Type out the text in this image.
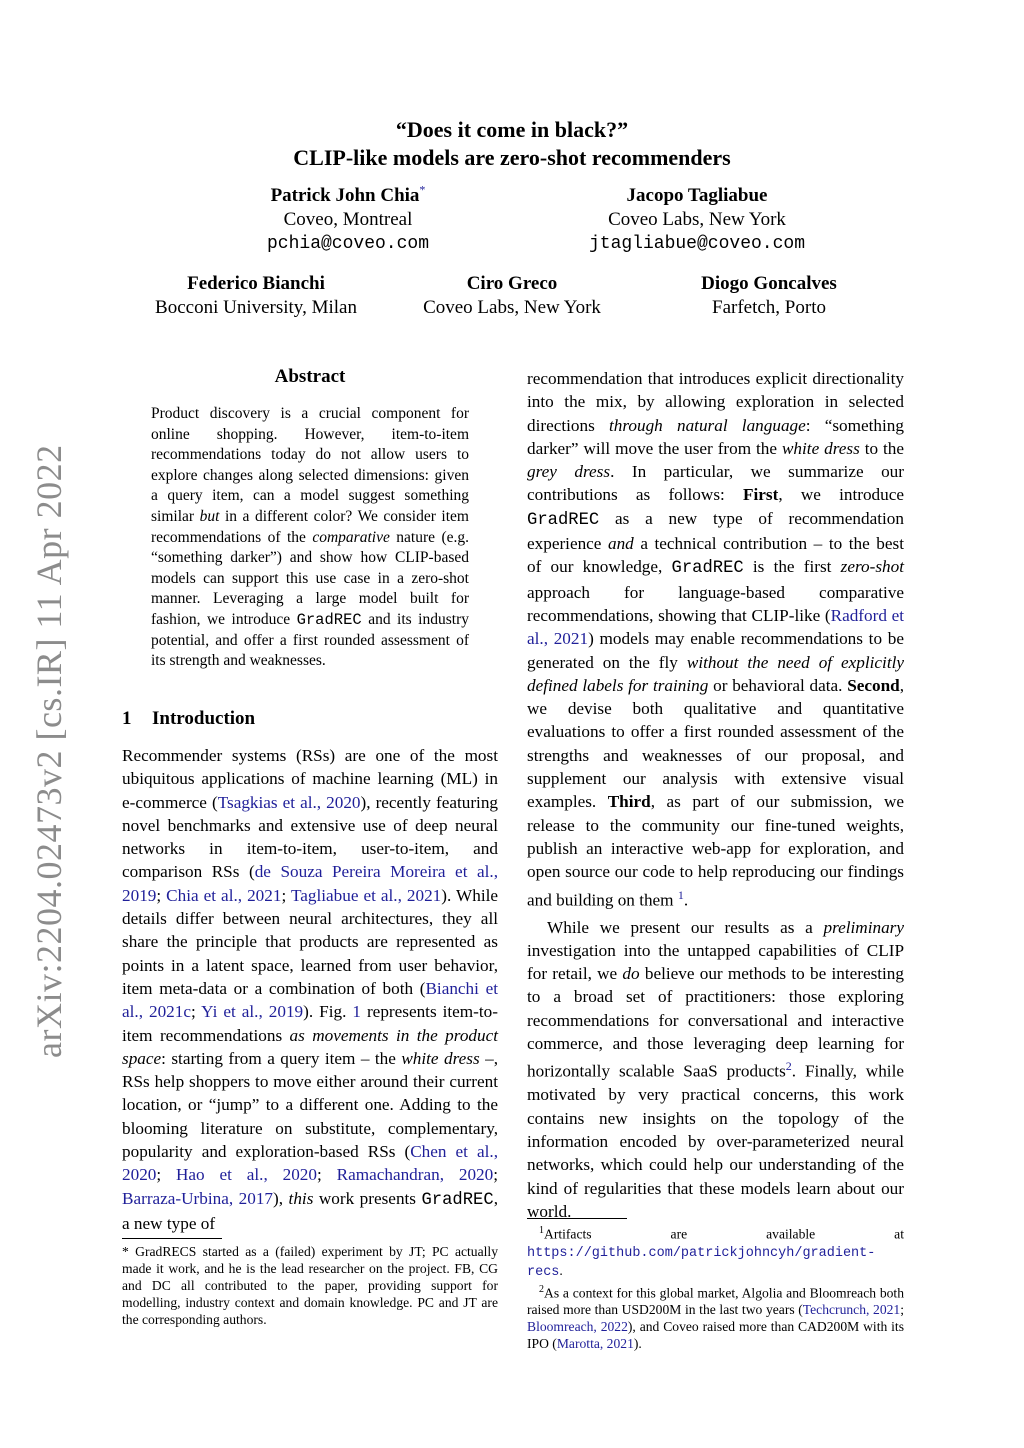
arXiv:2204.02473v2 [cs.IR] 11 Apr 2022
“Does it come in black?”
CLIP-like models are zero-shot recommenders
Patrick John Chia*
Coveo, Montreal
pchia@coveo.com
Jacopo Tagliabue
Coveo Labs, New York
jtagliabue@coveo.com
Federico Bianchi
Bocconi University, Milan
Ciro Greco
Coveo Labs, New York
Diogo Goncalves
Farfetch, Porto
Abstract
Product discovery is a crucial component for online shopping. However, item-to-item recommendations today do not allow users to explore changes along selected dimensions: given a query item, can a model suggest something similar but in a different color? We consider item recommendations of the comparative nature (e.g. “something darker”) and show how CLIP-based models can support this use case in a zero-shot manner. Leveraging a large model built for fashion, we introduce GradREC and its industry potential, and offer a first rounded assessment of its strength and weaknesses.
1 Introduction
Recommender systems (RSs) are one of the most ubiquitous applications of machine learning (ML) in e-commerce (Tsagkias et al., 2020), recently featuring novel benchmarks and extensive use of deep neural networks in item-to-item, user-to-item, and comparison RSs (de Souza Pereira Moreira et al., 2019; Chia et al., 2021; Tagliabue et al., 2021). While details differ between neural architectures, they all share the principle that products are represented as points in a latent space, learned from user behavior, item meta-data or a combination of both (Bianchi et al., 2021c; Yi et al., 2019). Fig. 1 represents item-to-item recommendations as movements in the product space: starting from a query item – the white dress –, RSs help shoppers to move either around their current location, or “jump” to a different one. Adding to the blooming literature on substitute, complementary, popularity and exploration-based RSs (Chen et al., 2020; Hao et al., 2020; Ramachandran, 2020; Barraza-Urbina, 2017), this work presents GradREC, a new type of
* GradRECS started as a (failed) experiment by JT; PC actually made it work, and he is the lead researcher on the project. FB, CG and DC all contributed to the paper, providing support for modelling, industry context and domain knowledge. PC and JT are the corresponding authors.

recommendation that introduces explicit directionality into the mix, by allowing exploration in selected directions through natural language: “something darker” will move the user from the white dress to the grey dress. In particular, we summarize our contributions as follows: First, we introduce GradREC as a new type of recommendation experience and a technical contribution – to the best of our knowledge, GradREC is the first zero-shot approach for language-based comparative recommendations, showing that CLIP-like (Radford et al., 2021) models may enable recommendations to be generated on the fly without the need of explicitly defined labels for training or behavioral data. Second, we devise both qualitative and quantitative evaluations to offer a first rounded assessment of the strengths and weaknesses of our proposal, and supplement our analysis with extensive visual examples. Third, as part of our submission, we release to the community our fine-tuned weights, publish an interactive web-app for exploration, and open source our code to help reproducing our findings and building on them $^1$.

While we present our results as a preliminary investigation into the untapped capabilities of CLIP for retail, we do believe our methods to be interesting to a broad set of practitioners: those exploring recommendations for conversational and interactive commerce, and those leveraging deep learning for horizontally scalable SaaS products$^2$. Finally, while motivated by very practical concerns, this work contains new insights on the topology of the information encoded by over-parameterized neural networks, which could help our understanding of the kind of regularities that these models learn about our world.

$^1$Artifacts are available at https://github.com/patrickjohncyh/gradient-recs.

$^2$As a context for this global market, Algolia and Bloomreach both raised more than USD200M in the last two years (Techcrunch, 2021; Bloomreach, 2022), and Coveo raised more than CAD200M with its IPO (Marotta, 2021).
